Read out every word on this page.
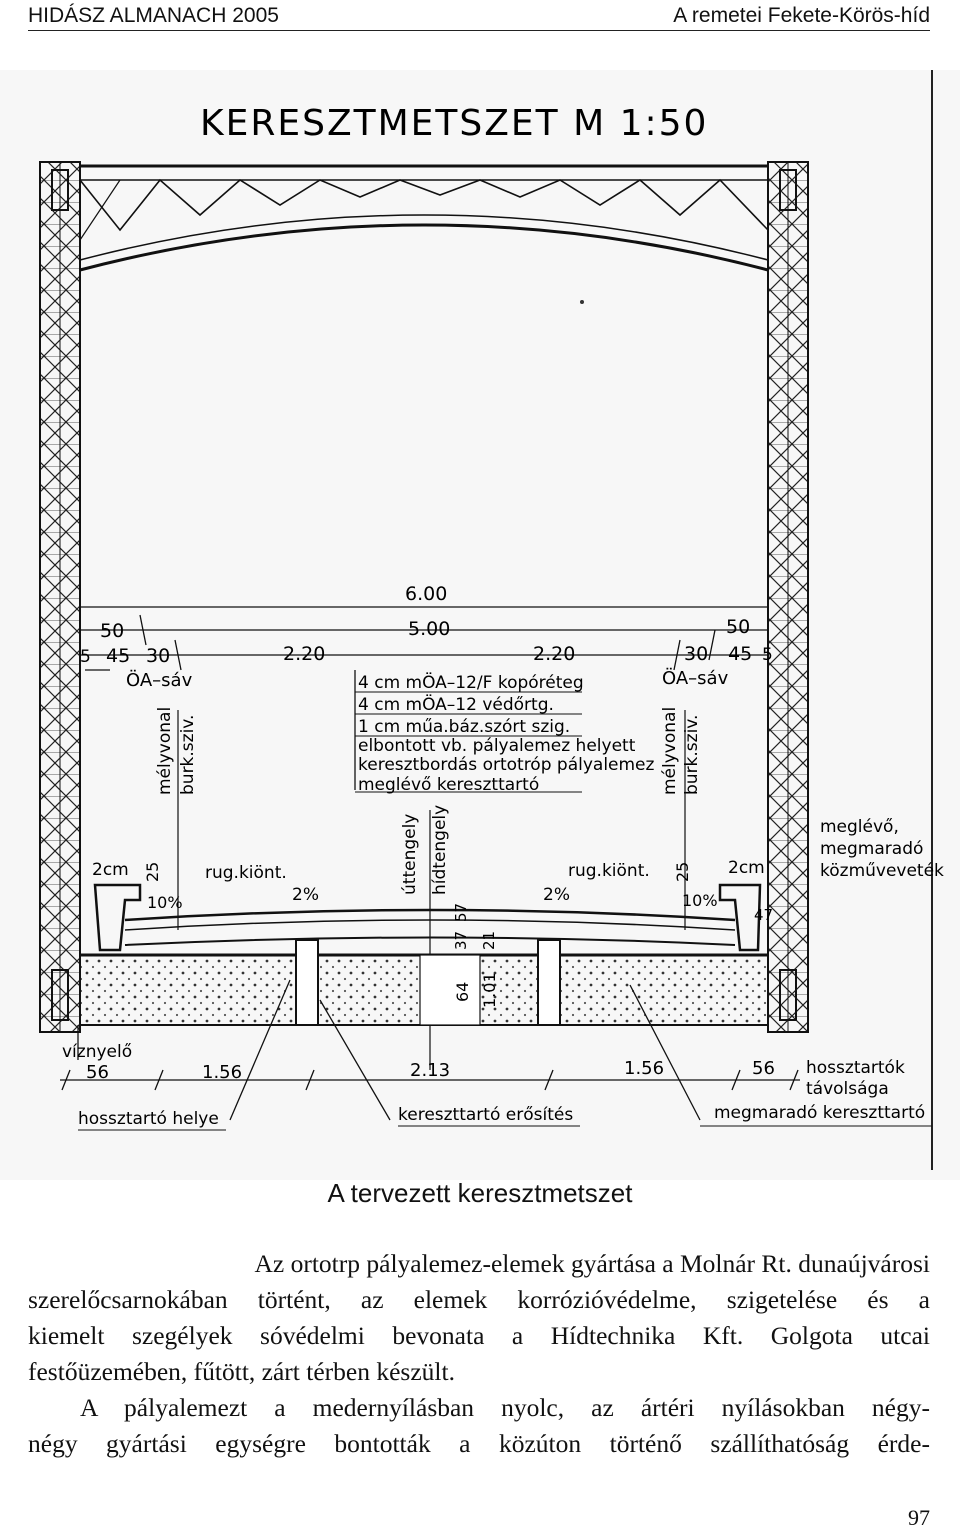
HIDÁSZ ALMANACH 2005	A remetei Fekete-Körös-híd
KERESZTMETSZET M 1:50
6.00
5.00
2.20	2.20
50
45 30
5
50
45
30	5
ÖA–sáv	ÖA–sáv
4 cm mÖA–12/F kopóréteg
4 cm mÖA–12 védőrtg.
1 cm műa.báz.szórt szig.
elbontott vb. pályalemez helyett
keresztbordás ortotróp pályalemez
meglévő kereszttartó
mélyvonal burk.sziv.
úttengely hídtengely
mélyvonal burk.sziv.
meglévő,
megmaradó
közműveveték
2cm	2cm
25	25
10%	10%
rug.kiönt.	rug.kiönt.
2%	2%
47
37
57
21
64 1.01
víznyelő
56	1.56	2.13	1.56	56 hossztartók
távolsága
hossztartó helye	kereszttartó erősítés	megmaradó kereszttartó
A tervezett keresztmetszet

Az ortotrp pályalemez-elemek gyártása a Molnár Rt. dunaújvárosi
szerelőcsarnokában történt, az elemek korrózióvédelme, szigetelése és a
kiemelt szegélyek sóvédelmi bevonata a Hídtechnika Kft. Golgota utcai
festőüzemében, fűtött, zárt térben készült.

A pályalemezt a medernyílásban nyolc, az ártéri nyílásokban négy-
négy gyártási egységre bontották a közúton történő szállíthatóság érde-

97
